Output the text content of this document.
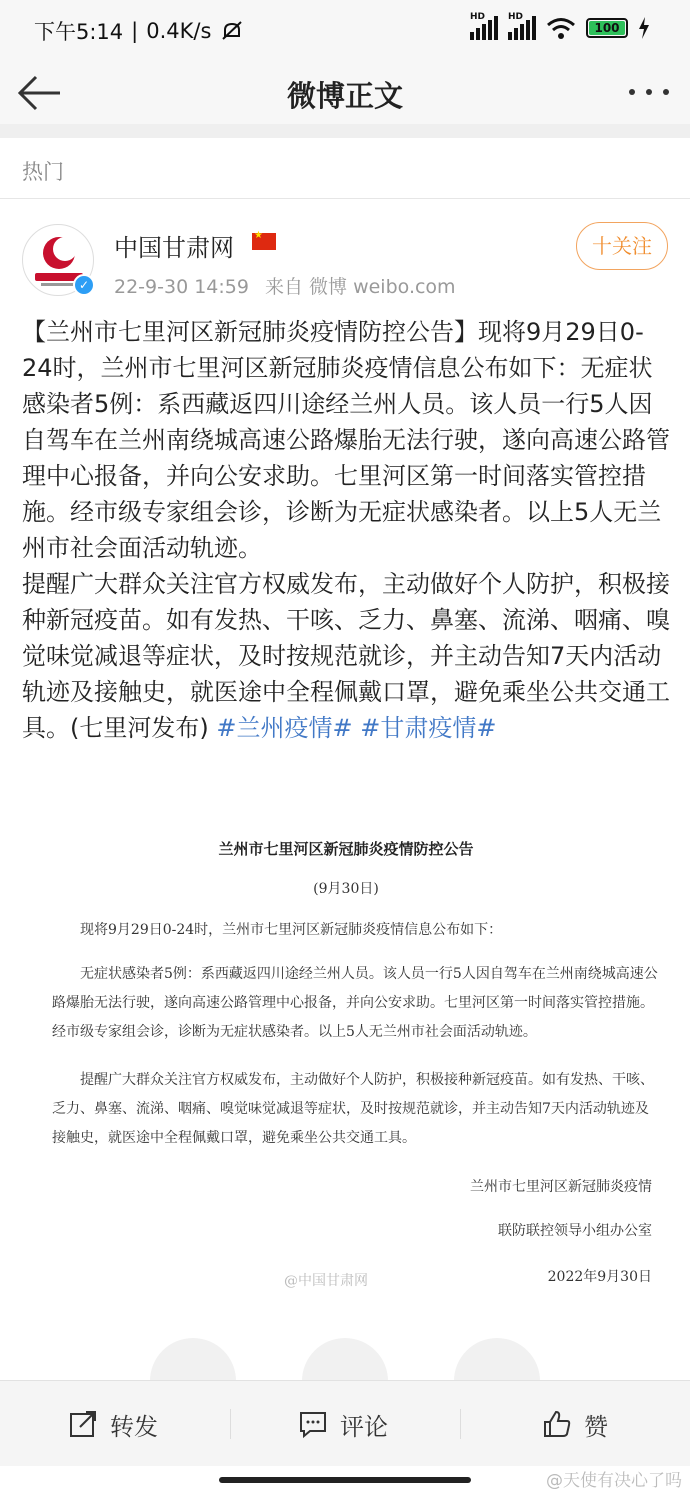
下午5:14 | 0.4K/s
HD	HD
100
微博正文
热门
✓
中国甘肃网
★
22-9-30 14:59 来自 微博 weibo.com
十关注
【兰州市七里河区新冠肺炎疫情防控公告】现将9月29日0-24时，兰州市七里河区新冠肺炎疫情信息公布如下：无症状感染者5例：系西藏返四川途经兰州人员。该人员一行5人因自驾车在兰州南绕城高速公路爆胎无法行驶，遂向高速公路管理中心报备，并向公安求助。七里河区第一时间落实管控措施。经市级专家组会诊，诊断为无症状感染者。以上5人无兰州市社会面活动轨迹。
提醒广大群众关注官方权威发布，主动做好个人防护，积极接种新冠疫苗。如有发热、干咳、乏力、鼻塞、流涕、咽痛、嗅觉味觉减退等症状，及时按规范就诊，并主动告知7天内活动轨迹及接触史，就医途中全程佩戴口罩，避免乘坐公共交通工具。(七里河发布) #兰州疫情# #甘肃疫情#
兰州市七里河区新冠肺炎疫情防控公告
(9月30日)
现将9月29日0-24时，兰州市七里河区新冠肺炎疫情信息公布如下：
无症状感染者5例：系西藏返四川途经兰州人员。该人员一行5人因自驾车在兰州南绕城高速公路爆胎无法行驶，遂向高速公路管理中心报备，并向公安求助。七里河区第一时间落实管控措施。经市级专家组会诊，诊断为无症状感染者。以上5人无兰州市社会面活动轨迹。
提醒广大群众关注官方权威发布，主动做好个人防护，积极接种新冠疫苗。如有发热、干咳、乏力、鼻塞、流涕、咽痛、嗅觉味觉减退等症状，及时按规范就诊，并主动告知7天内活动轨迹及接触史，就医途中全程佩戴口罩，避免乘坐公共交通工具。
兰州市七里河区新冠肺炎疫情
联防联控领导小组办公室
2022年9月30日
@中国甘肃网
转发	评论	赞
@天使有决心了吗
